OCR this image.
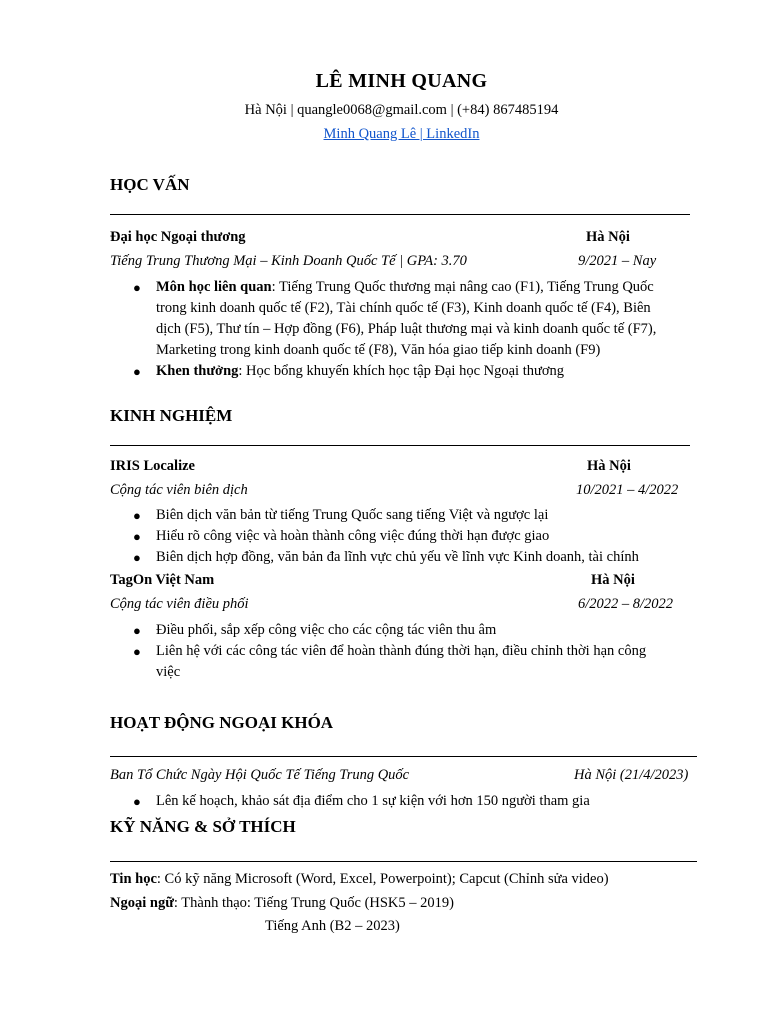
LÊ MINH QUANG
Hà Nội | quangle0068@gmail.com | (+84) 867485194
Minh Quang Lê | LinkedIn
HỌC VẤN
Đại học Ngoại thương	Hà Nội
Tiếng Trung Thương Mại – Kinh Doanh Quốc Tế | GPA: 3.70	9/2021 – Nay
● Môn học liên quan: Tiếng Trung Quốc thương mại nâng cao (F1), Tiếng Trung Quốc
trong kinh doanh quốc tế (F2), Tài chính quốc tế (F3), Kinh doanh quốc tế (F4), Biên
dịch (F5), Thư tín – Hợp đồng (F6), Pháp luật thương mại và kinh doanh quốc tế (F7),
Marketing trong kinh doanh quốc tế (F8), Văn hóa giao tiếp kinh doanh (F9)
● Khen thưởng: Học bổng khuyến khích học tập Đại học Ngoại thương
KINH NGHIỆM
IRIS Localize	Hà Nội
Cộng tác viên biên dịch	10/2021 – 4/2022
● Biên dịch văn bản từ tiếng Trung Quốc sang tiếng Việt và ngược lại
● Hiểu rõ công việc và hoàn thành công việc đúng thời hạn được giao
● Biên dịch hợp đồng, văn bản đa lĩnh vực chủ yếu về lĩnh vực Kinh doanh, tài chính
TagOn Việt Nam	Hà Nội
Cộng tác viên điều phối	6/2022 – 8/2022
● Điều phối, sắp xếp công việc cho các cộng tác viên thu âm
● Liên hệ với các công tác viên để hoàn thành đúng thời hạn, điều chỉnh thời hạn công
việc
HOẠT ĐỘNG NGOẠI KHÓA
Ban Tổ Chức Ngày Hội Quốc Tế Tiếng Trung Quốc	Hà Nội (21/4/2023)
● Lên kế hoạch, khảo sát địa điểm cho 1 sự kiện với hơn 150 người tham gia
KỸ NĂNG & SỞ THÍCH
Tin học: Có kỹ năng Microsoft (Word, Excel, Powerpoint); Capcut (Chỉnh sửa video)
Ngoại ngữ: Thành thạo: Tiếng Trung Quốc (HSK5 – 2019)
Tiếng Anh (B2 – 2023)
